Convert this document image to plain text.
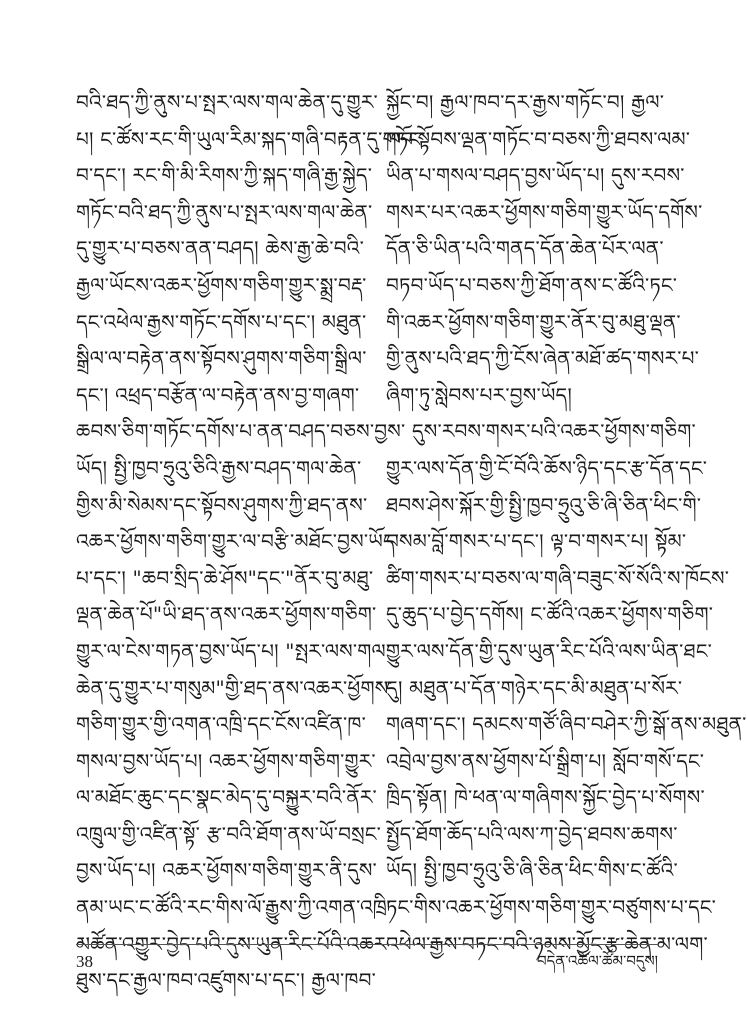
བའི་ཐད་ཀྱི་ནུས་པ་སྤར་ལས་གལ་ཆེན་དུ་གྱུར་
པ། ང་ཚོས་རང་གི་ཡུལ་རིམ་སྐད་གཞི་བརྟན་དུ་གཏོང་
བ་དང་། རང་གི་མི་རིགས་ཀྱི་སྐད་གཞི་རྒྱ་སྐྱེད་
གཏོང་བའི་ཐད་ཀྱི་ནུས་པ་སྤར་ལས་གལ་ཆེན་
དུ་གྱུར་པ་བཅས་ནན་བཤད། ཆེས་རྒྱ་ཆེ་བའི་
རྒྱལ་ཡོངས་འཆར་ཕྱོགས་གཅིག་གྱུར་སྨྲ་བརྡ་
དང་འཕེལ་རྒྱས་གཏོང་དགོས་པ་དང་། མཐུན་
སྒྲིལ་ལ་བརྟེན་ནས་སྟོབས་ཤུགས་གཅིག་སྒྲིལ་
དང་། འཕྲད་བརྩོན་ལ་བརྟེན་ནས་བྱ་གཞག་
ཆབས་ཅིག་གཏོང་དགོས་པ་ནན་བཤད་བཅས་བྱས་
ཡོད། སྤྱི་ཁྱབ་ཧྲུའུ་ཅིའི་རྒྱས་བཤད་གལ་ཆེན་
གྱིས་མི་སེམས་དང་སྟོབས་ཤུགས་ཀྱི་ཐད་ནས་
འཆར་ཕྱོགས་གཅིག་གྱུར་ལ་བརྩི་མཐོང་བྱས་ཡོད་
པ་དང་། "ཆབ་སྲིད་ཆེ་ཤོས"དང་"ནོར་བུ་མཐུ་
ལྡན་ཆེན་པོ"ཡི་ཐད་ནས་འཆར་ཕྱོགས་གཅིག་
གྱུར་ལ་ངེས་གཏན་བྱས་ཡོད་པ། "སྤར་ལས་གལ་
ཆེན་དུ་གྱུར་པ་གསུམ"གྱི་ཐད་ནས་འཆར་ཕྱོགས་
གཅིག་གྱུར་གྱི་འགན་འཁྲི་དང་ངོས་འཛིན་ཁ་
གསལ་བྱས་ཡོད་པ། འཆར་ཕྱོགས་གཅིག་གྱུར་
ལ་མཐོང་ཆུང་དང་སྣང་མེད་དུ་བསྐྱུར་བའི་ནོར་
འཁྲུལ་གྱི་འཛིན་སྟོ་ རྩ་བའི་ཐོག་ནས་ཡོ་བསྲང་
བྱས་ཡོད་པ། འཆར་ཕྱོགས་གཅིག་གྱུར་ནི་དུས་
ནམ་ཡང་ང་ཚོའི་རང་གིས་ལོ་རྒྱུས་ཀྱི་འགན་འཁྲི་
མཚོན་འགྱུར་བྱེད་པའི་དུས་ཡུན་རིང་པོའི་འཆར་
ཐུས་དང་རྒྱལ་ཁབ་འཛུགས་པ་དང་། རྒྱལ་ཁབ་
སྐྱོང་བ། རྒྱལ་ཁབ་དར་རྒྱས་གཏོང་བ། རྒྱལ་
ཁབ་སྟོབས་ལྡན་གཏོང་བ་བཅས་ཀྱི་ཐབས་ལམ་
ཡིན་པ་གསལ་བཤད་བྱས་ཡོད་པ། དུས་རབས་
གསར་པར་འཆར་ཕྱོགས་གཅིག་གྱུར་ཡོད་དགོས་
དོན་ཅི་ཡིན་པའི་གནད་དོན་ཆེན་པོར་ལན་
བཏབ་ཡོད་པ་བཅས་ཀྱི་ཐོག་ནས་ང་ཚོའི་ཏང་
གི་འཆར་ཕྱོགས་གཅིག་གྱུར་ནོར་བུ་མཐུ་ལྡན་
གྱི་ནུས་པའི་ཐད་ཀྱི་ངོས་ཞེན་མཐོ་ཚད་གསར་པ་
ཞིག་ཏུ་སླེབས་པར་བྱས་ཡོད།
དུས་རབས་གསར་པའི་འཆར་ཕྱོགས་གཅིག་
གྱུར་ལས་དོན་གྱི་ངོ་བོའི་ཆོས་ཉིད་དང་རྩ་དོན་དང་
ཐབས་ཤེས་སྐོར་གྱི་སྤྱི་ཁྱབ་ཧྲུའུ་ཅི་ཞི་ཅིན་ཕིང་གི་
བསམ་བློ་གསར་པ་དང་། ལྟ་བ་གསར་པ། སྟོམ་
ཚིག་གསར་པ་བཅས་ལ་གཞི་བཟུང་སོ་སོའི་ས་ཁོངས་
དུ་ཆུད་པ་བྱེད་དགོས། ང་ཚོའི་འཆར་ཕྱོགས་གཅིག་
གྱུར་ལས་དོན་གྱི་དུས་ཡུན་རིང་པོའི་ལས་ཡིན་ཐང་
དུ། མཐུན་པ་དོན་གཉེར་དང་མི་མཐུན་པ་སོར་
གཞག་དང་། དམངས་གཙོ་ཞིབ་བཤེར་ཀྱི་སྒོ་ནས་མཐུན་
འབྲེལ་བྱས་ནས་ཕྱོགས་པོ་སྒྲིག་པ། སློབ་གསོ་དང་
ཁྲིད་སྟོན། ཁེ་ཕན་ལ་གཞིགས་སྐྱོང་བྱེད་པ་སོགས་
སྤྱོད་ཐོག་ཆོད་པའི་ལས་ཀ་བྱེད་ཐབས་ཆགས་
ཡོད། སྤྱི་ཁྱབ་ཧྲུའུ་ཅི་ཞི་ཅིན་ཕིང་གིས་ང་ཚོའི་
ཏང་གིས་འཆར་ཕྱོགས་གཅིག་གྱུར་བཙུགས་པ་དང་
འཕེལ་རྒྱས་བཏང་བའི་ཉམས་མྱོང་རྩ་ཆེན་མ་ལག་
38	བདེན་འཚོལ་ཚོམ་བདུས།
